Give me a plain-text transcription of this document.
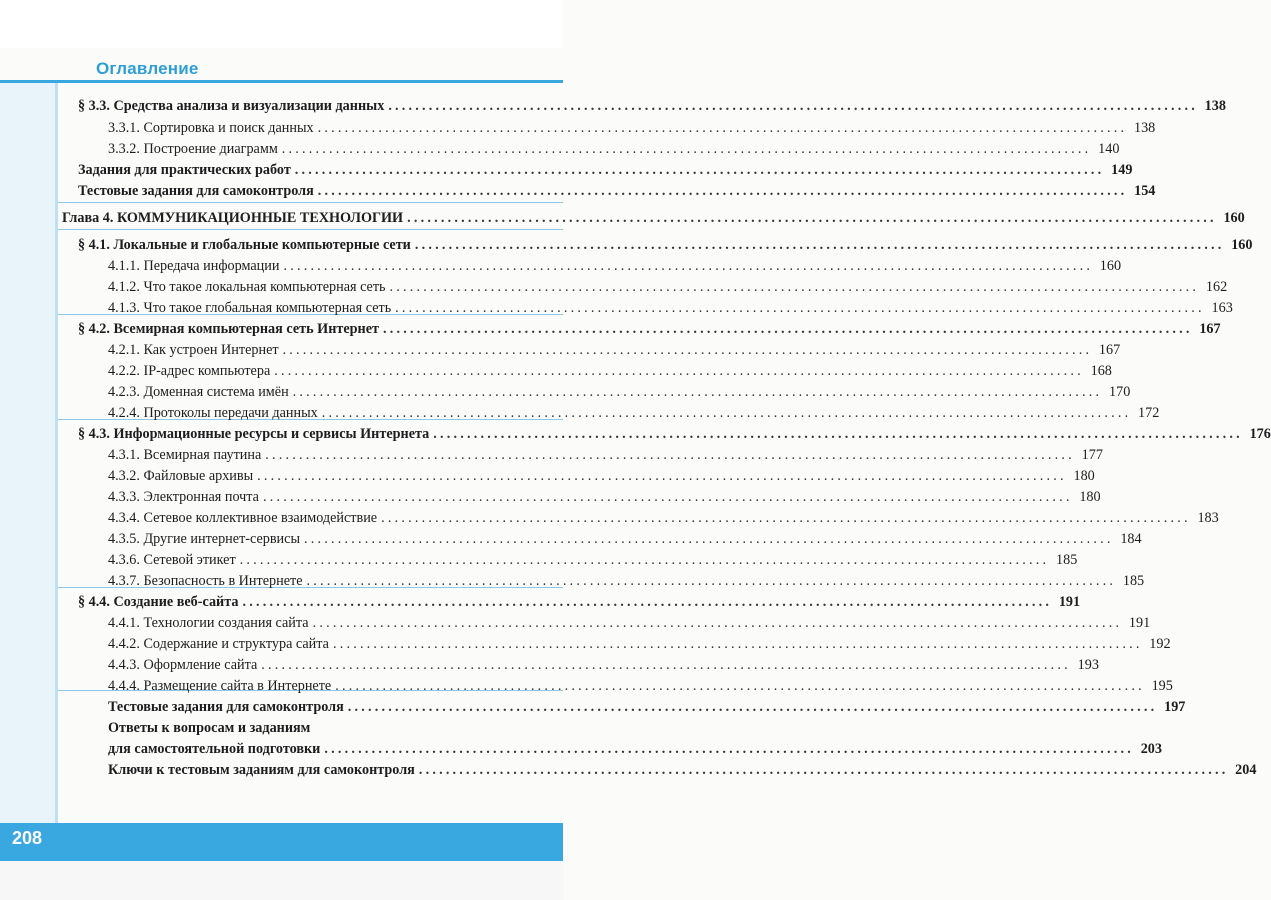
Оглавление
§ 3.3. Средства анализа и визуализации данных ........................................................................................................................ 138
3.3.1. Сортировка и поиск данных ........................................................................................................................ 138
3.3.2. Построение диаграмм ........................................................................................................................ 140
Задания для практических работ ........................................................................................................................ 149
Тестовые задания для самоконтроля ........................................................................................................................ 154
Глава 4. КОММУНИКАЦИОННЫЕ ТЕХНОЛОГИИ ........................................................................................................................ 160
§ 4.1. Локальные и глобальные компьютерные сети ........................................................................................................................ 160
4.1.1. Передача информации ........................................................................................................................ 160
4.1.2. Что такое локальная компьютерная сеть ........................................................................................................................ 162
4.1.3. Что такое глобальная компьютерная сеть ........................................................................................................................ 163
§ 4.2. Всемирная компьютерная сеть Интернет ........................................................................................................................ 167
4.2.1. Как устроен Интернет ........................................................................................................................ 167
4.2.2. IP-адрес компьютера ........................................................................................................................ 168
4.2.3. Доменная система имён ........................................................................................................................ 170
4.2.4. Протоколы передачи данных ........................................................................................................................ 172
§ 4.3. Информационные ресурсы и сервисы Интернета ........................................................................................................................ 176
4.3.1. Всемирная паутина ........................................................................................................................ 177
4.3.2. Файловые архивы ........................................................................................................................ 180
4.3.3. Электронная почта ........................................................................................................................ 180
4.3.4. Сетевое коллективное взаимодействие ........................................................................................................................ 183
4.3.5. Другие интернет-сервисы ........................................................................................................................ 184
4.3.6. Сетевой этикет ........................................................................................................................ 185
4.3.7. Безопасность в Интернете ........................................................................................................................ 185
§ 4.4. Создание веб-сайта ........................................................................................................................ 191
4.4.1. Технологии создания сайта ........................................................................................................................ 191
4.4.2. Содержание и структура сайта ........................................................................................................................ 192
4.4.3. Оформление сайта ........................................................................................................................ 193
4.4.4. Размещение сайта в Интернете ........................................................................................................................ 195
Тестовые задания для самоконтроля ........................................................................................................................ 197
Ответы к вопросам и заданиям
для самостоятельной подготовки ........................................................................................................................ 203
Ключи к тестовым заданиям для самоконтроля ........................................................................................................................ 204
208
